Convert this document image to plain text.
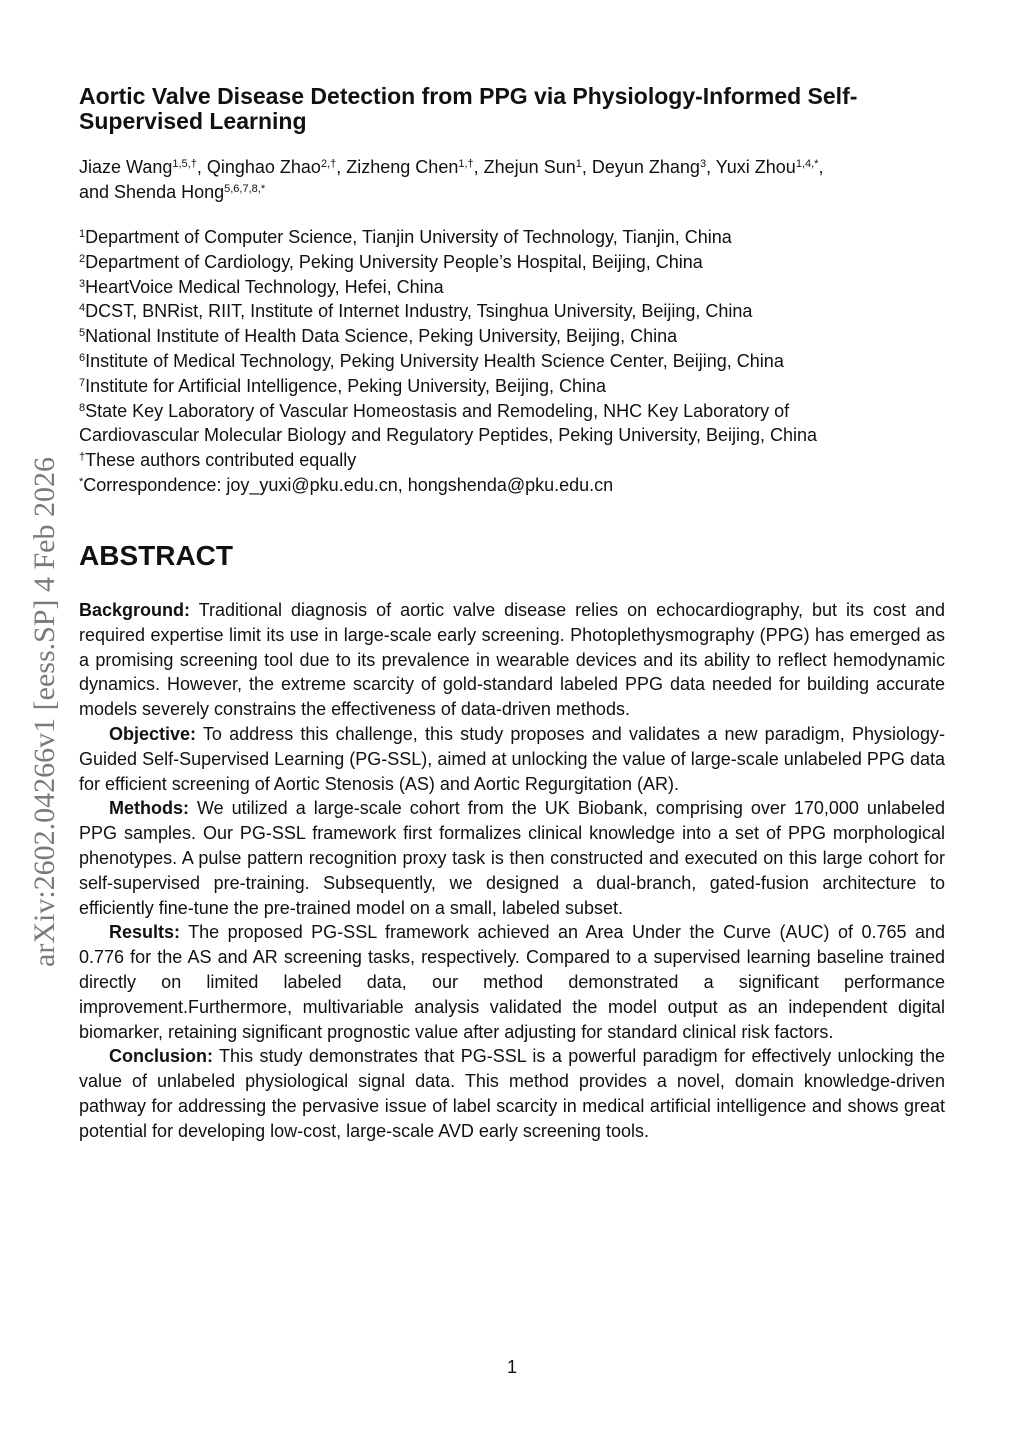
arXiv:2602.04266v1 [eess.SP] 4 Feb 2026
Aortic Valve Disease Detection from PPG via Physiology-Informed Self-Supervised Learning
Jiaze Wang$^{1,5,\dagger}$, Qinghao Zhao$^{2,\dagger}$, Zizheng Chen$^{1,\dagger}$, Zhejun Sun$^1$, Deyun Zhang$^3$, Yuxi Zhou$^{1,4,*}$,
and Shenda Hong$^{5,6,7,8,*}$
$^1$Department of Computer Science, Tianjin University of Technology, Tianjin, China
$^2$Department of Cardiology, Peking University People’s Hospital, Beijing, China
$^3$HeartVoice Medical Technology, Hefei, China
$^4$DCST, BNRist, RIIT, Institute of Internet Industry, Tsinghua University, Beijing, China
$^5$National Institute of Health Data Science, Peking University, Beijing, China
$^6$Institute of Medical Technology, Peking University Health Science Center, Beijing, China
$^7$Institute for Artificial Intelligence, Peking University, Beijing, China
$^8$State Key Laboratory of Vascular Homeostasis and Remodeling, NHC Key Laboratory of
Cardiovascular Molecular Biology and Regulatory Peptides, Peking University, Beijing, China
†These authors contributed equally
*Correspondence: joy_yuxi@pku.edu.cn, hongshenda@pku.edu.cn
ABSTRACT

Background: Traditional diagnosis of aortic valve disease relies on echocardiography, but its cost and required expertise limit its use in large-scale early screening. Photoplethysmography (PPG) has emerged as a promising screening tool due to its prevalence in wearable devices and its ability to reflect hemodynamic dynamics. However, the extreme scarcity of gold-standard labeled PPG data needed for building accurate models severely constrains the effectiveness of data-driven methods.

Objective: To address this challenge, this study proposes and validates a new paradigm, Physiology-Guided Self-Supervised Learning (PG-SSL), aimed at unlocking the value of large-scale unlabeled PPG data for efficient screening of Aortic Stenosis (AS) and Aortic Regurgitation (AR).

Methods: We utilized a large-scale cohort from the UK Biobank, comprising over 170,000 unlabeled PPG samples. Our PG-SSL framework first formalizes clinical knowledge into a set of PPG morphological phenotypes. A pulse pattern recognition proxy task is then constructed and executed on this large cohort for self-supervised pre-training. Subsequently, we designed a dual-branch, gated-fusion architecture to efficiently fine-tune the pre-trained model on a small, labeled subset.

Results: The proposed PG-SSL framework achieved an Area Under the Curve (AUC) of 0.765 and 0.776 for the AS and AR screening tasks, respectively. Compared to a supervised learning baseline trained directly on limited labeled data, our method demonstrated a significant performance improvement.Furthermore, multivariable analysis validated the model output as an independent digital biomarker, retaining significant prognostic value after adjusting for standard clinical risk factors.

Conclusion: This study demonstrates that PG-SSL is a powerful paradigm for effectively unlocking the value of unlabeled physiological signal data. This method provides a novel, domain knowledge-driven pathway for addressing the pervasive issue of label scarcity in medical artificial intelligence and shows great potential for developing low-cost, large-scale AVD early screening tools.

1
